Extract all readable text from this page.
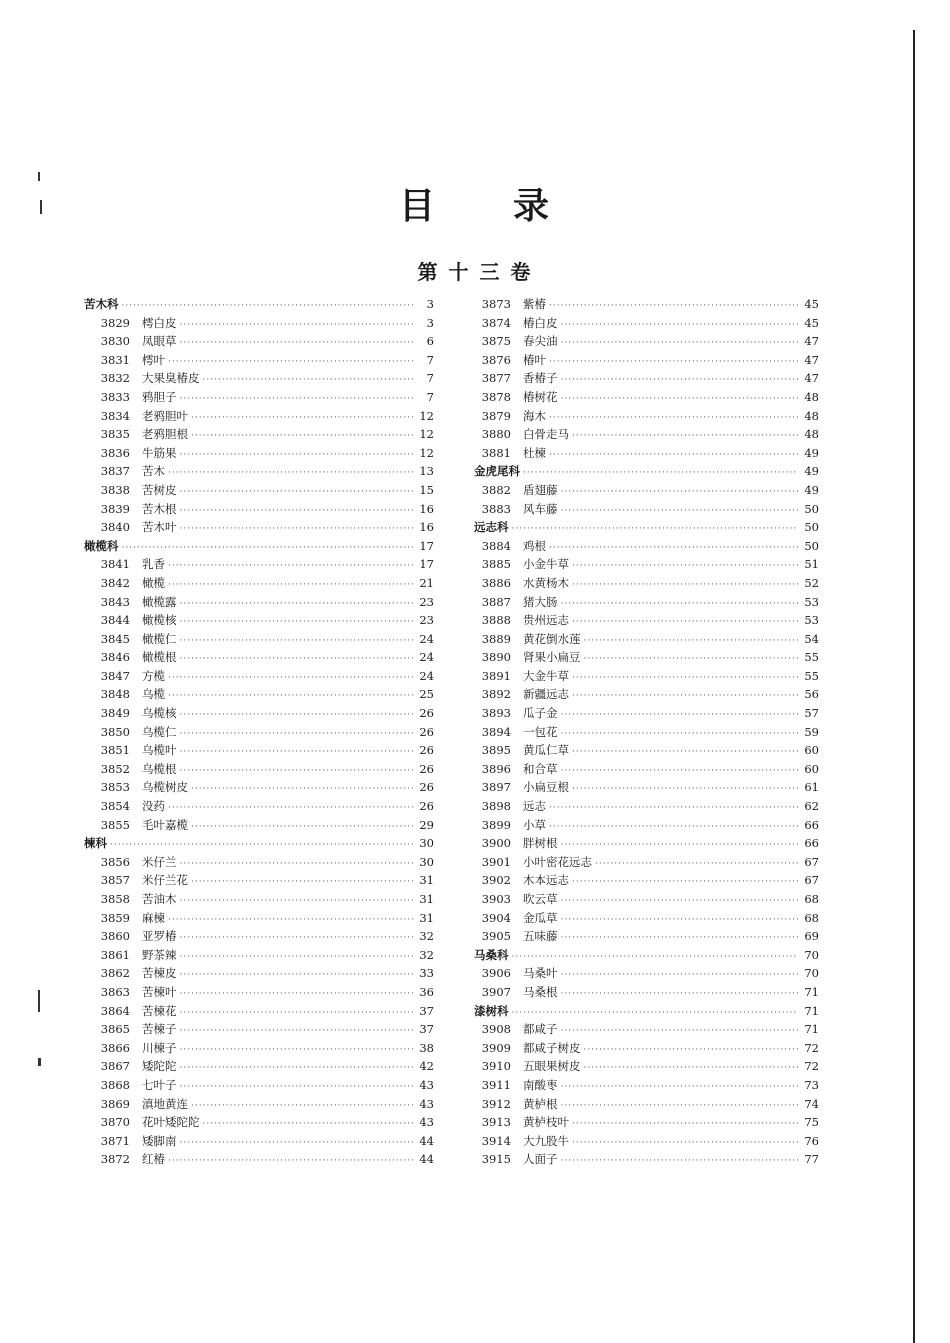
目　　录
第 十 三 卷
苦木科 ·····	3
3829	樗白皮 ·····	3
3830	凤眼草 ·····	6
3831	樗叶 ·····	7
3832	大果臭椿皮 ·····	7
3833	鸦胆子 ·····	7
3834	老鸦胆叶 ·····	12
3835	老鸦胆根 ·····	12
3836	牛筋果 ·····	12
3837	苦木 ·····	13
3838	苦树皮 ·····	15
3839	苦木根 ·····	16
3840	苦木叶 ·····	16
橄榄科 ·····	17
3841	乳香 ·····	17
3842	橄榄 ·····	21
3843	橄榄露 ·····	23
3844	橄榄核 ·····	23
3845	橄榄仁 ·····	24
3846	橄榄根 ·····	24
3847	方榄 ·····	24
3848	乌榄 ·····	25
3849	乌榄核 ·····	26
3850	乌榄仁 ·····	26
3851	乌榄叶 ·····	26
3852	乌榄根 ·····	26
3853	乌榄树皮 ·····	26
3854	没药 ·····	26
3855	毛叶嘉榄 ·····	29
楝科 ·····	30
3856	米仔兰 ·····	30
3857	米仔兰花 ·····	31
3858	苦油木 ·····	31
3859	麻楝 ·····	31
3860	亚罗椿 ·····	32
3861	野茶辣 ·····	32
3862	苦楝皮 ·····	33
3863	苦楝叶 ·····	36
3864	苦楝花 ·····	37
3865	苦楝子 ·····	37
3866	川楝子 ·····	38
3867	矮陀陀 ·····	42
3868	七叶子 ·····	43
3869	滇地黄连 ·····	43
3870	花叶矮陀陀 ·····	43
3871	矮脚南 ·····	44
3872	红椿 ·····	44
3873	紫椿 ·····	45
3874	椿白皮 ·····	45
3875	春尖油 ·····	47
3876	椿叶 ·····	47
3877	香椿子 ·····	47
3878	椿树花 ·····	48
3879	海木 ·····	48
3880	白骨走马 ·····	48
3881	杜楝 ·····	49
金虎尾科 ·····	49
3882	盾翅藤 ·····	49
3883	风车藤 ·····	50
远志科 ·····	50
3884	鸡根 ·····	50
3885	小金牛草 ·····	51
3886	水黄杨木 ·····	52
3887	猪大肠 ·····	53
3888	贵州远志 ·····	53
3889	黄花倒水莲 ·····	54
3890	肾果小扁豆 ·····	55
3891	大金牛草 ·····	55
3892	新疆远志 ·····	56
3893	瓜子金 ·····	57
3894	一包花 ·····	59
3895	黄瓜仁草 ·····	60
3896	和合草 ·····	60
3897	小扁豆根 ·····	61
3898	远志 ·····	62
3899	小草 ·····	66
3900	胖树根 ·····	66
3901	小叶密花远志 ·····	67
3902	木本远志 ·····	67
3903	吹云草 ·····	68
3904	金瓜草 ·····	68
3905	五味藤 ·····	69
马桑科 ·····	70
3906	马桑叶 ·····	70
3907	马桑根 ·····	71
漆树科 ·····	71
3908	都咸子 ·····	71
3909	都咸子树皮 ·····	72
3910	五眼果树皮 ·····	72
3911	南酸枣 ·····	73
3912	黄栌根 ·····	74
3913	黄栌枝叶 ·····	75
3914	大九股牛 ·····	76
3915	人面子 ·····	77
